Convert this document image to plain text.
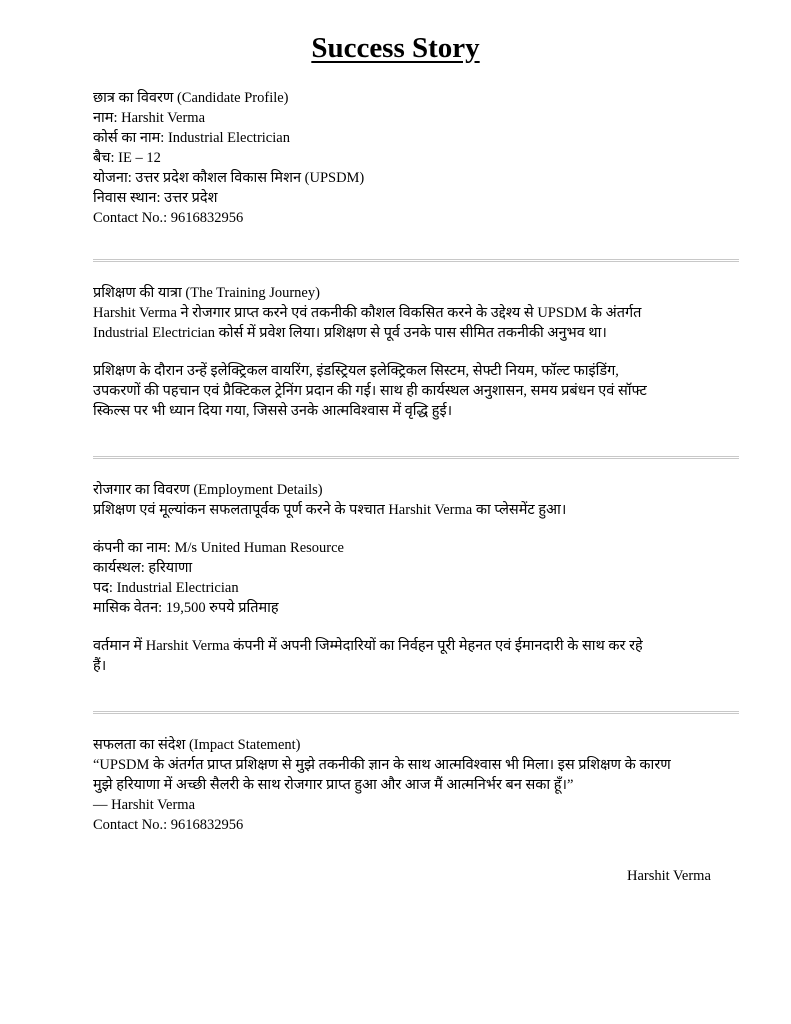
Success Story
छात्र का विवरण (Candidate Profile)
नाम: Harshit Verma
कोर्स का नाम: Industrial Electrician
बैच: IE – 12
योजना: उत्तर प्रदेश कौशल विकास मिशन (UPSDM)
निवास स्थान: उत्तर प्रदेश
Contact No.: 9616832956
प्रशिक्षण की यात्रा (The Training Journey)
Harshit Verma ने रोजगार प्राप्त करने एवं तकनीकी कौशल विकसित करने के उद्देश्य से UPSDM के अंतर्गत
Industrial Electrician कोर्स में प्रवेश लिया। प्रशिक्षण से पूर्व उनके पास सीमित तकनीकी अनुभव था।
प्रशिक्षण के दौरान उन्हें इलेक्ट्रिकल वायरिंग, इंडस्ट्रियल इलेक्ट्रिकल सिस्टम, सेफ्टी नियम, फॉल्ट फाइंडिंग,
उपकरणों की पहचान एवं प्रैक्टिकल ट्रेनिंग प्रदान की गई। साथ ही कार्यस्थल अनुशासन, समय प्रबंधन एवं सॉफ्ट
स्किल्स पर भी ध्यान दिया गया, जिससे उनके आत्मविश्वास में वृद्धि हुई।
रोजगार का विवरण (Employment Details)
प्रशिक्षण एवं मूल्यांकन सफलतापूर्वक पूर्ण करने के पश्चात Harshit Verma का प्लेसमेंट हुआ।
कंपनी का नाम: M/s United Human Resource
कार्यस्थल: हरियाणा
पद: Industrial Electrician
मासिक वेतन: 19,500 रुपये प्रतिमाह
वर्तमान में Harshit Verma कंपनी में अपनी जिम्मेदारियों का निर्वहन पूरी मेहनत एवं ईमानदारी के साथ कर रहे
हैं।
सफलता का संदेश (Impact Statement)
“UPSDM के अंतर्गत प्राप्त प्रशिक्षण से मुझे तकनीकी ज्ञान के साथ आत्मविश्वास भी मिला। इस प्रशिक्षण के कारण
मुझे हरियाणा में अच्छी सैलरी के साथ रोजगार प्राप्त हुआ और आज मैं आत्मनिर्भर बन सका हूँ।”
— Harshit Verma
Contact No.: 9616832956
Harshit Verma
